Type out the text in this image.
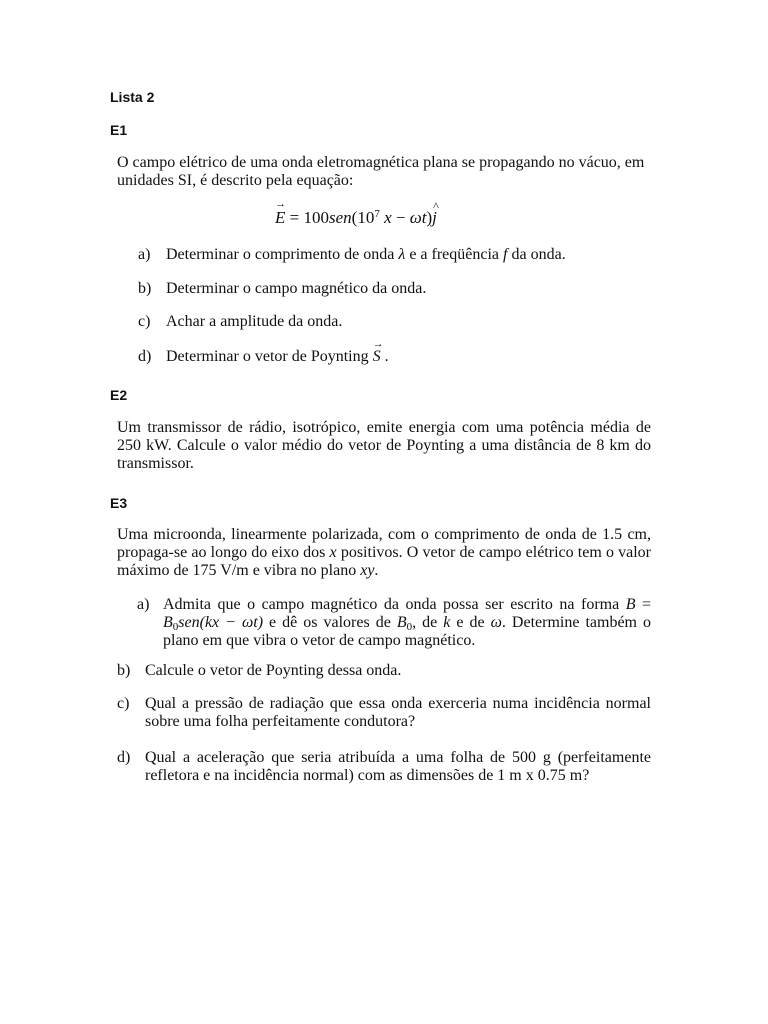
Lista 2
E1
O campo elétrico de uma onda eletromagnética plana se propagando no vácuo, em unidades SI, é descrito pela equação:
→ $E = 100sen(10^7$ x − ωt)^ j
a) Determinar o comprimento de onda λ e a freqüência f da onda.
b) Determinar o campo magnético da onda.
c) Achar a amplitude da onda.
d) Determinar o vetor de Poynting → S .
E2
Um transmissor de rádio, isotrópico, emite energia com uma potência média de 250 kW. Calcule o valor médio do vetor de Poynting a uma distância de 8 km do transmissor.
E3
Uma microonda, linearmente polarizada, com o comprimento de onda de 1.5 cm, propaga-se ao longo do eixo dos x positivos. O vetor de campo elétrico tem o valor máximo de 175 V/m e vibra no plano xy.
a) Admita que o campo magnético da onda possa ser escrito na forma $B = B_0sen(kx - \omega t)$ e dê os valores de $B_0$, de k e de ω. Determine também o plano em que vibra o vetor de campo magnético.
b) Calcule o vetor de Poynting dessa onda.
c) Qual a pressão de radiação que essa onda exerceria numa incidência normal sobre uma folha perfeitamente condutora?
d) Qual a aceleração que seria atribuída a uma folha de 500 g (perfeitamente refletora e na incidência normal) com as dimensões de 1 m x 0.75 m?
